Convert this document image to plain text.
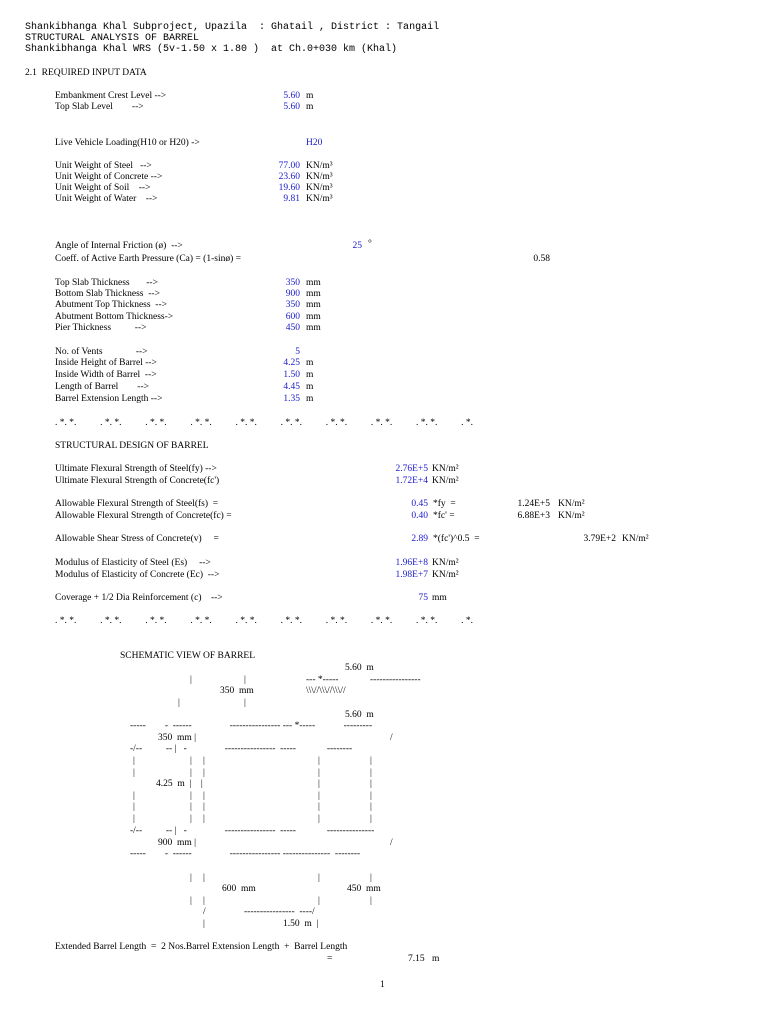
Shankibhanga Khal Subproject, Upazila  : Ghatail , District : Tangail
STRUCTURAL ANALYSIS OF BARREL
Shankibhanga Khal WRS (5v-1.50 x 1.80 )  at Ch.0+030 km (Khal)
2.1  REQUIRED INPUT DATA
Embankment Crest Level -->	5.60 m
Top Slab Level        -->	5.60 m
Live Vehicle Loading(H10 or H20) ->	H20
Unit Weight of Steel   -->	77.00 KN/m³
Unit Weight of Concrete -->	23.60 KN/m³
Unit Weight of Soil    -->	19.60 KN/m³
Unit Weight of Water    -->	9.81 KN/m³
Angle of Internal Friction (ø)  -->	25 °
Coeff. of Active Earth Pressure (Ca) = (1-sinø) =	0.58
Top Slab Thickness       -->	350 mm
Bottom Slab Thickness  -->	900 mm
Abutment Top Thickness  -->	350 mm
Abutment Bottom Thickness->	600 mm
Pier Thickness          -->	450 mm
No. of Vents              -->	5
Inside Height of Barrel -->	4.25 m
Inside Width of Barrel  -->	1.50 m
Length of Barrel        -->	4.45 m
Barrel Extension Length -->	1.35 m
. *. *.          . *. *.          . *. *.          . *. *.          . *. *.          . *. *.          . *. *.          . *. *.          . *. *.          . *.
STRUCTURAL DESIGN OF BARREL
Ultimate Flexural Strength of Steel(fy) -->	2.76E+5 KN/m²
Ultimate Flexural Strength of Concrete(fc')	1.72E+4 KN/m²
Allowable Flexural Strength of Steel(fs)  =	0.45 *fy  =	1.24E+5 KN/m²
Allowable Flexural Strength of Concrete(fc) =	0.40 *fc' =	6.88E+3 KN/m²
Allowable Shear Stress of Concrete(v)     =	2.89 *(fc')^0.5  =	3.79E+2 KN/m²
Modulus of Elasticity of Steel (Es)     -->	1.96E+8 KN/m²
Modulus of Elasticity of Concrete (Ec)  -->	1.98E+7 KN/m²
Coverage + 1/2 Dia Reinforcement (c)    -->	75 mm
. *. *.          . *. *.          . *. *.          . *. *.          . *. *.          . *. *.          . *. *.          . *. *.          . *. *.          . *.
SCHEMATIC VIEW OF BARREL
5.60  m
|	|	--- *-----	----------------
350  mm	\\\//\\\//\\\//
|	|
5.60  m
-----        -  ------                ---------------- --- *-----            ---------
350  mm |	/
-/--          -- |   -                ----------------  -----             --------
|	| |	|	|
|	| |	|	|
4.25  m  |    |	|	|
|	| |	|	|
|	| |	|	|
|	| |	|	|
-/--          -- |   -                ----------------  -----             ---------------
900  mm |	/
-----        -  ------                ---------------- ---------------  --------
| |	|	|
600  mm	450  mm
| |	|	|
/	----------------  ----/
|	1.50  m  |
Extended Barrel Length  =  2 Nos.Barrel Extension Length  +  Barrel Length
=	7.15 m
1
